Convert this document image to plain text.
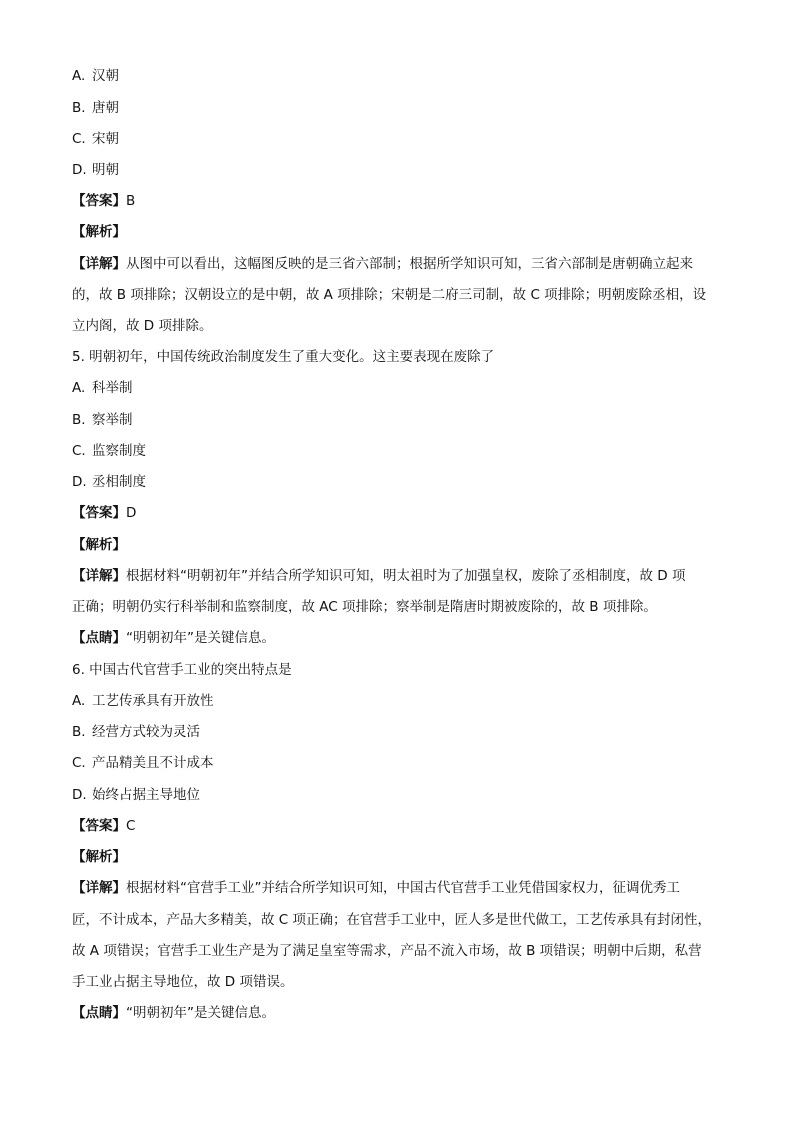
A. 汉朝
B. 唐朝
C. 宋朝
D. 明朝
【答案】B
【解析】
【详解】从图中可以看出，这幅图反映的是三省六部制；根据所学知识可知，三省六部制是唐朝确立起来
的，故 B 项排除；汉朝设立的是中朝，故 A 项排除；宋朝是二府三司制，故 C 项排除；明朝废除丞相，设
立内阁，故 D 项排除。
5. 明朝初年，中国传统政治制度发生了重大变化。这主要表现在废除了
A. 科举制
B. 察举制
C. 监察制度
D. 丞相制度
【答案】D
【解析】
【详解】根据材料“明朝初年”并结合所学知识可知，明太祖时为了加强皇权，废除了丞相制度，故 D 项
正确；明朝仍实行科举制和监察制度，故 AC 项排除；察举制是隋唐时期被废除的，故 B 项排除。
【点睛】“明朝初年”是关键信息。
6. 中国古代官营手工业的突出特点是
A. 工艺传承具有开放性
B. 经营方式较为灵活
C. 产品精美且不计成本
D. 始终占据主导地位
【答案】C
【解析】
【详解】根据材料“官营手工业”并结合所学知识可知，中国古代官营手工业凭借国家权力，征调优秀工
匠，不计成本，产品大多精美，故 C 项正确；在官营手工业中，匠人多是世代做工，工艺传承具有封闭性，
故 A 项错误；官营手工业生产是为了满足皇室等需求，产品不流入市场，故 B 项错误；明朝中后期，私营
手工业占据主导地位，故 D 项错误。
【点睛】“明朝初年”是关键信息。
